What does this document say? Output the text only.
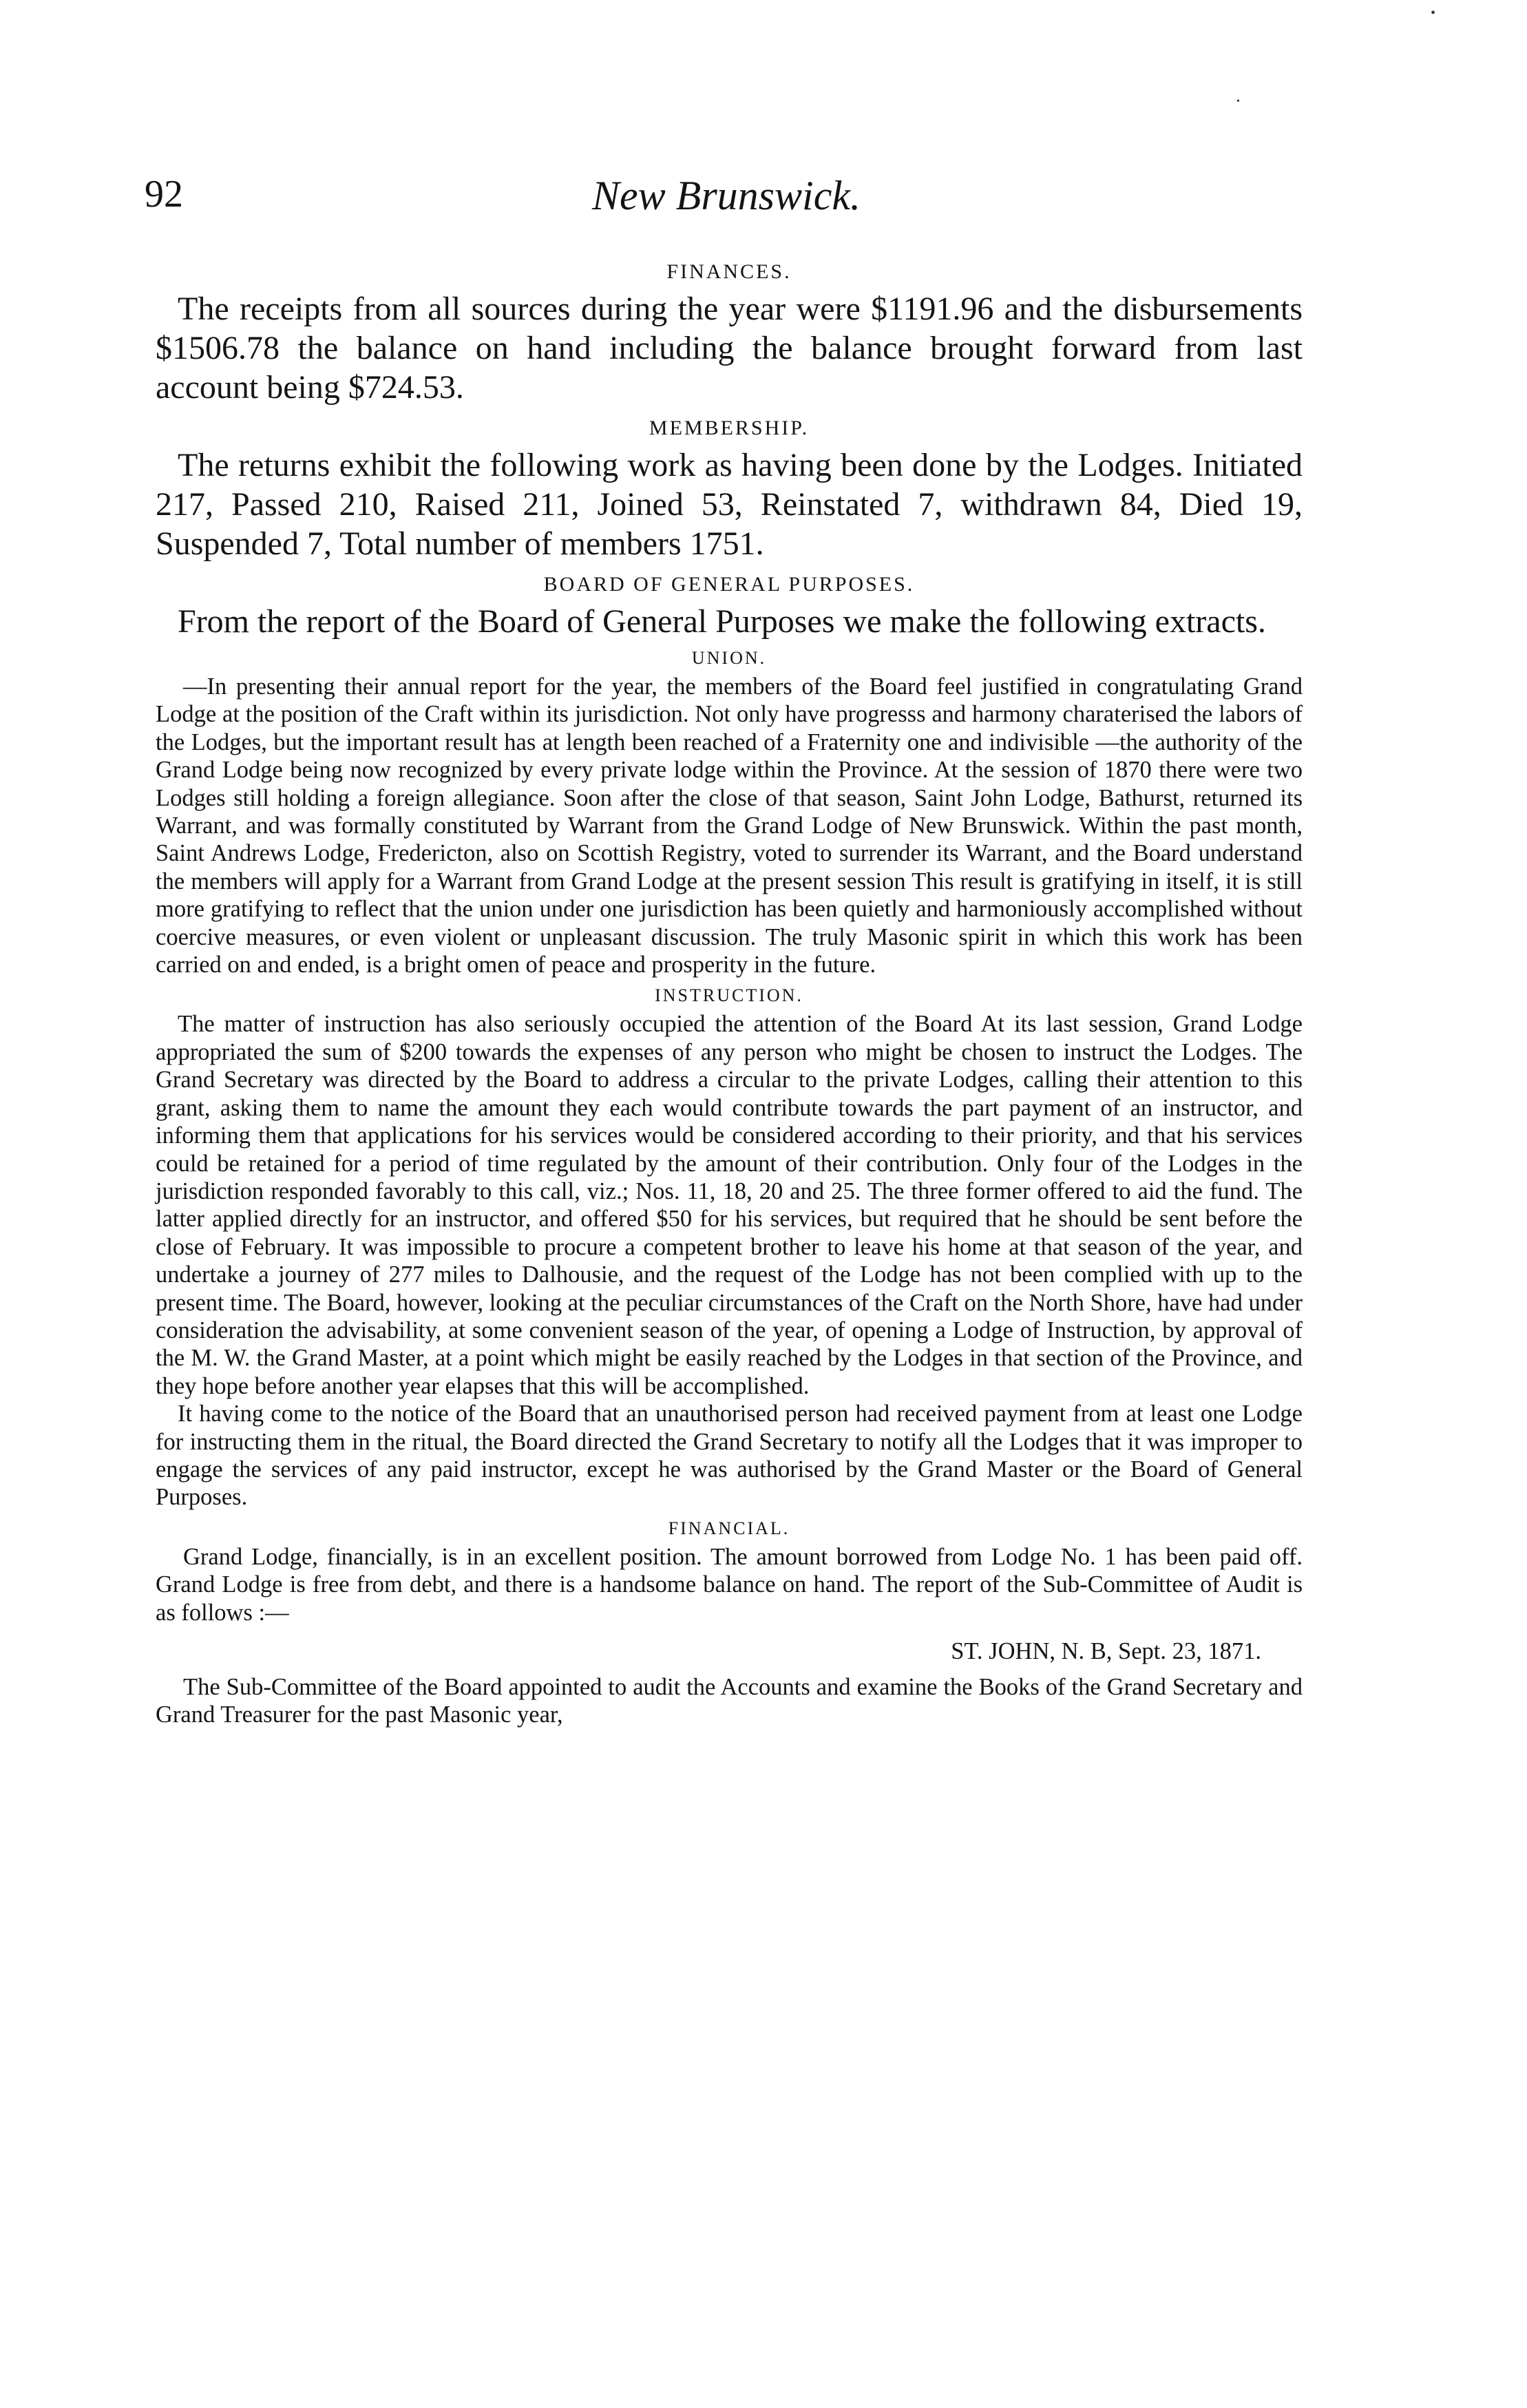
•
•
92	New Brunswick.
FINANCES.

The receipts from all sources during the year were $1191.96 and the disbursements $1506.78 the balance on hand including the balance brought forward from last account being $724.53.

MEMBERSHIP.

The returns exhibit the following work as having been done by the Lodges. Initiated 217, Passed 210, Raised 211, Joined 53, Reinstated 7, withdrawn 84, Died 19, Suspended 7, Total number of members 1751.

BOARD OF GENERAL PURPOSES.

From the report of the Board of General Purposes we make the following extracts.

UNION.

—In presenting their annual report for the year, the members of the Board feel justified in congratulating Grand Lodge at the position of the Craft within its jurisdiction. Not only have progresss and harmony charaterised the labors of the Lodges, but the important result has at length been reached of a Fraternity one and indivisible —the authority of the Grand Lodge being now recognized by every private lodge within the Province. At the session of 1870 there were two Lodges still holding a foreign allegiance. Soon after the close of that season, Saint John Lodge, Bathurst, returned its Warrant, and was formally constituted by Warrant from the Grand Lodge of New Brunswick. Within the past month, Saint Andrews Lodge, Fredericton, also on Scottish Registry, voted to surrender its Warrant, and the Board understand the members will apply for a Warrant from Grand Lodge at the present session This result is gratifying in itself, it is still more gratifying to reflect that the union under one jurisdiction has been quietly and harmoniously accomplished without coercive measures, or even violent or unpleasant discussion. The truly Masonic spirit in which this work has been carried on and ended, is a bright omen of peace and prosperity in the future.

INSTRUCTION.

The matter of instruction has also seriously occupied the attention of the Board At its last session, Grand Lodge appropriated the sum of $200 towards the expenses of any person who might be chosen to instruct the Lodges. The Grand Secretary was directed by the Board to address a circular to the private Lodges, calling their attention to this grant, asking them to name the amount they each would contribute towards the part payment of an instructor, and informing them that applications for his services would be considered according to their priority, and that his services could be retained for a period of time regulated by the amount of their contribution. Only four of the Lodges in the jurisdiction responded favorably to this call, viz.; Nos. 11, 18, 20 and 25. The three former offered to aid the fund. The latter applied directly for an instructor, and offered $50 for his services, but required that he should be sent before the close of February. It was impossible to procure a competent brother to leave his home at that season of the year, and undertake a journey of 277 miles to Dalhousie, and the request of the Lodge has not been complied with up to the present time. The Board, however, looking at the peculiar circumstances of the Craft on the North Shore, have had under consideration the advisability, at some convenient season of the year, of opening a Lodge of Instruction, by approval of the M. W. the Grand Master, at a point which might be easily reached by the Lodges in that section of the Province, and they hope before another year elapses that this will be accomplished.

It having come to the notice of the Board that an unauthorised person had received payment from at least one Lodge for instructing them in the ritual, the Board directed the Grand Secretary to notify all the Lodges that it was improper to engage the services of any paid instructor, except he was authorised by the Grand Master or the Board of General Purposes.

FINANCIAL.

Grand Lodge, financially, is in an excellent position. The amount borrowed from Lodge No. 1 has been paid off. Grand Lodge is free from debt, and there is a handsome balance on hand. The report of the Sub-Committee of Audit is as follows :—

ST. JOHN, N. B, Sept. 23, 1871.

The Sub-Committee of the Board appointed to audit the Accounts and examine the Books of the Grand Secretary and Grand Treasurer for the past Masonic year,
